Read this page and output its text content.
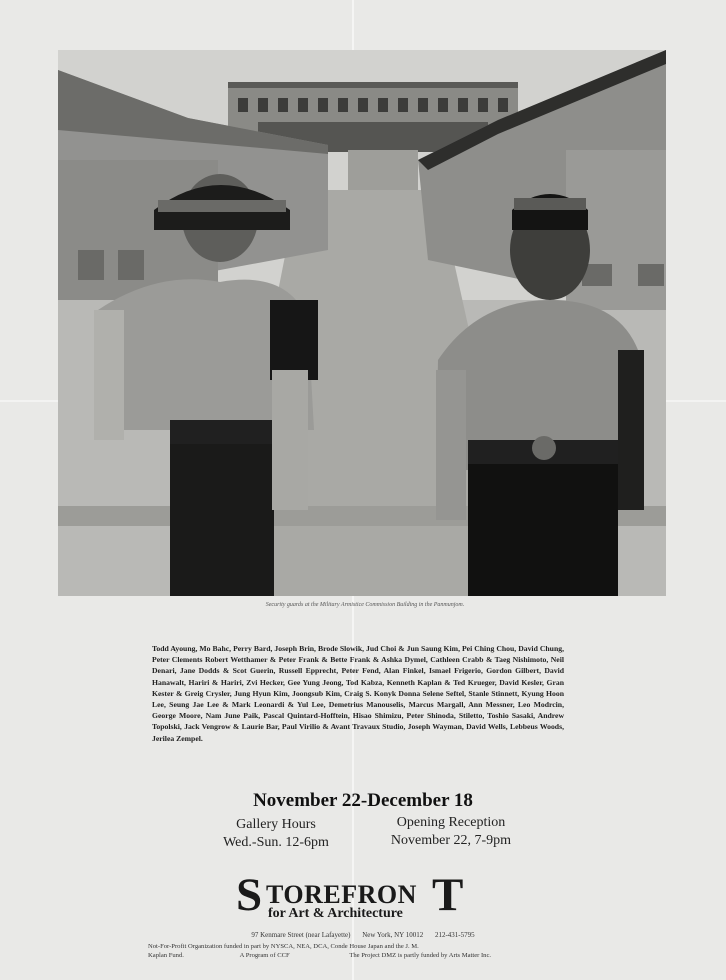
Security guards at the Military Armistice Commission Building in the Panmunjom.
Todd Ayoung, Mo Bahc, Perry Bard, Joseph Brin, Brode Slowik, Jud Choi & Jun Saung Kim, Pei Ching Chou, David Chung, Peter Clements Robert Wetthamer & Peter Frank & Bette Frank & Ashka Dymel, Cathleen Crabb & Taeg Nishimoto, Neil Denari, Jane Dodds & Scot Guerin, Russell Epprecht, Peter Fend, Alan Finkel, Ismael Frigerio, Gordon Gilbert, David Hanawalt, Hariri & Hariri, Zvi Hecker, Gee Yung Jeong, Tod Kabza, Kenneth Kaplan & Ted Krueger, David Kesler, Gran Kester & Greig Crysler, Jung Hyun Kim, Joongsub Kim, Craig S. Konyk Donna Selene Seftel, Stanle Stinnett, Kyung Hoon Lee, Seung Jae Lee & Mark Leonardi & Yul Lee, Demetrius Manouselis, Marcus Margall, Ann Messner, Leo Modrcin, George Moore, Nam June Paik, Pascal Quintard-Hofftein, Hisao Shimizu, Peter Shinoda, Stiletto, Toshio Sasaki, Andrew Topolski, Jack Vengrow & Laurie Bar, Paul Virilio & Avant Travaux Studio, Joseph Wayman, David Wells, Lebbeus Woods, Jerilea Zempel.
November 22-December 18
Gallery Hours
Wed.-Sun. 12-6pm
Opening Reception
November 22, 7-9pm
S TOREFRON T
for Art & Architecture
97 Kenmare Street (near Lafayette) New York, NY 10012 212-431-5795
Not-For-Profit Organization funded in part by NYSCA, NEA, DCA, Conde House Japan and the J. M.
Kaplan Fund.	A Program of CCF	The Project DMZ is partly funded by Arts Matter Inc.
